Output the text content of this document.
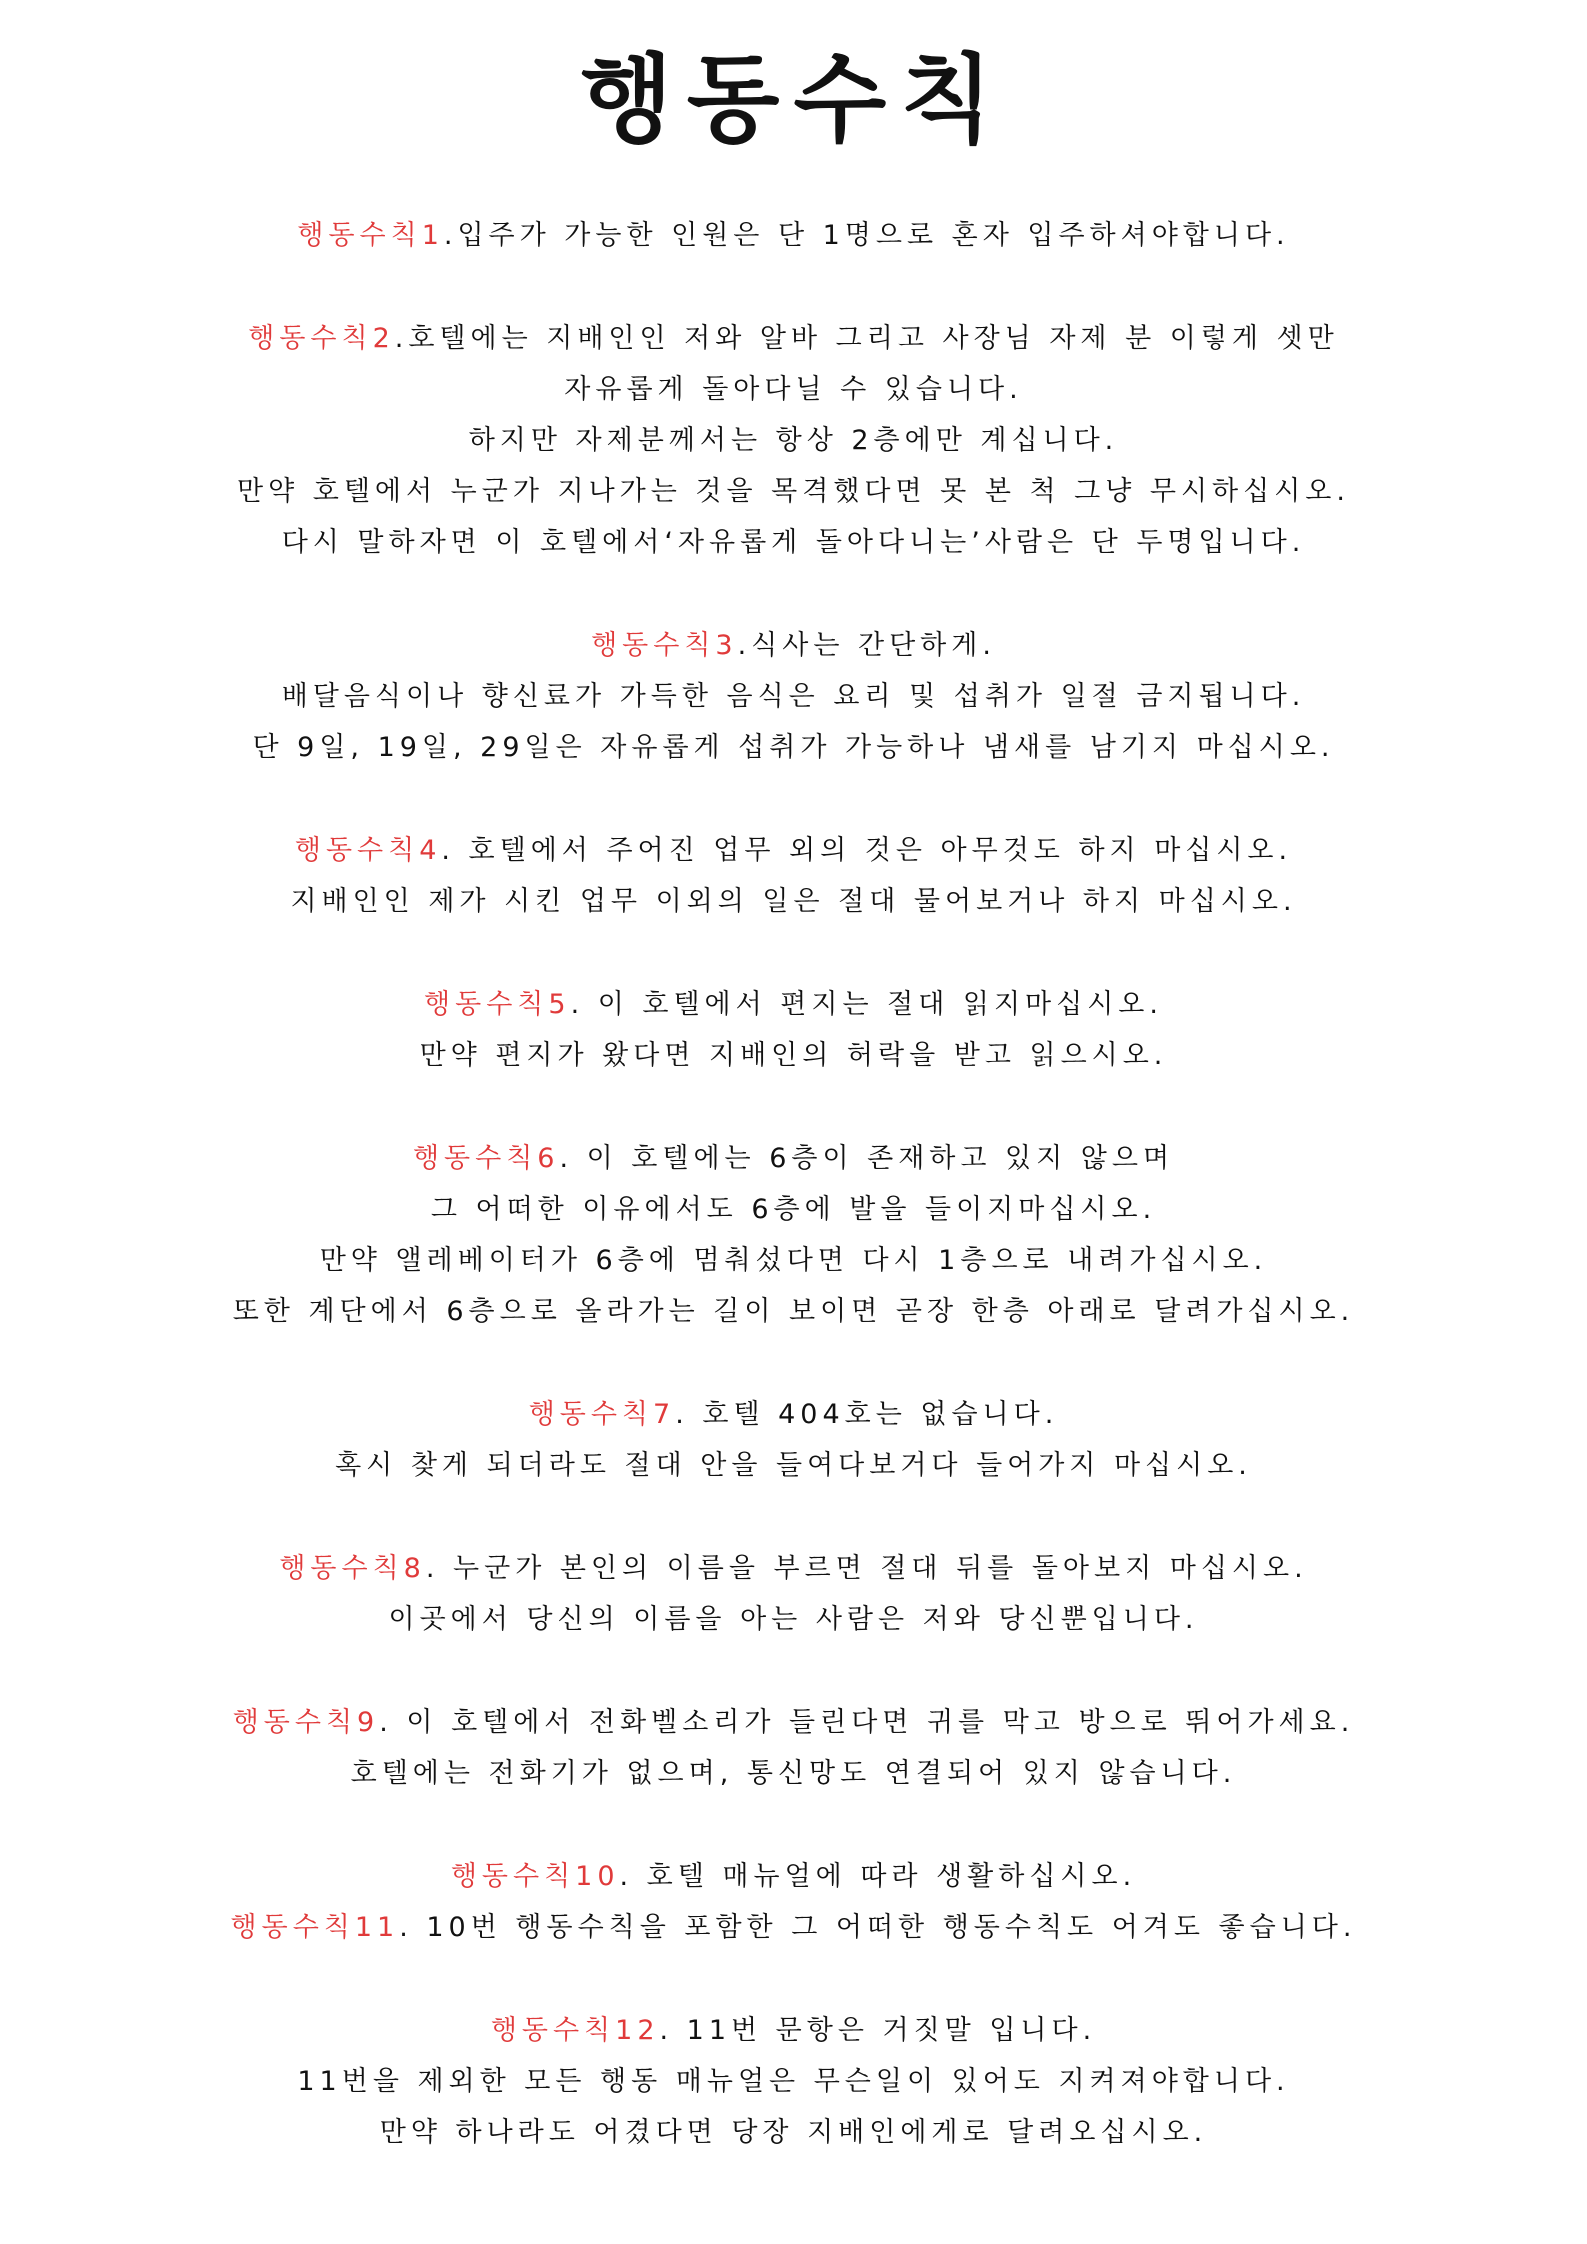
행동수칙
행동수칙1.입주가 가능한 인원은 단 1명으로 혼자 입주하셔야합니다.
행동수칙2.호텔에는 지배인인 저와 알바 그리고 사장님 자제 분 이렇게 셋만
자유롭게 돌아다닐 수 있습니다.
하지만 자제분께서는 항상 2층에만 계십니다.
만약 호텔에서 누군가 지나가는 것을 목격했다면 못 본 척 그냥 무시하십시오.
다시 말하자면 이 호텔에서‘자유롭게 돌아다니는’사람은 단 두명입니다.
행동수칙3.식사는 간단하게.
배달음식이나 향신료가 가득한 음식은 요리 및 섭취가 일절 금지됩니다.
단 9일, 19일, 29일은 자유롭게 섭취가 가능하나 냄새를 남기지 마십시오.
행동수칙4. 호텔에서 주어진 업무 외의 것은 아무것도 하지 마십시오.
지배인인 제가 시킨 업무 이외의 일은 절대 물어보거나 하지 마십시오.
행동수칙5. 이 호텔에서 편지는 절대 읽지마십시오.
만약 편지가 왔다면 지배인의 허락을 받고 읽으시오.
행동수칙6. 이 호텔에는 6층이 존재하고 있지 않으며
그 어떠한 이유에서도 6층에 발을 들이지마십시오.
만약 앨레베이터가 6층에 멈춰섰다면 다시 1층으로 내려가십시오.
또한 계단에서 6층으로 올라가는 길이 보이면 곧장 한층 아래로 달려가십시오.
행동수칙7. 호텔 404호는 없습니다.
혹시 찾게 되더라도 절대 안을 들여다보거다 들어가지 마십시오.
행동수칙8. 누군가 본인의 이름을 부르면 절대 뒤를 돌아보지 마십시오.
이곳에서 당신의 이름을 아는 사람은 저와 당신뿐입니다.
행동수칙9. 이 호텔에서 전화벨소리가 들린다면 귀를 막고 방으로 뛰어가세요.
호텔에는 전화기가 없으며, 통신망도 연결되어 있지 않습니다.
행동수칙10. 호텔 매뉴얼에 따라 생활하십시오.
행동수칙11. 10번 행동수칙을 포함한 그 어떠한 행동수칙도 어겨도 좋습니다.
행동수칙12. 11번 문항은 거짓말 입니다.
11번을 제외한 모든 행동 매뉴얼은 무슨일이 있어도 지켜져야합니다.
만약 하나라도 어겼다면 당장 지배인에게로 달려오십시오.
